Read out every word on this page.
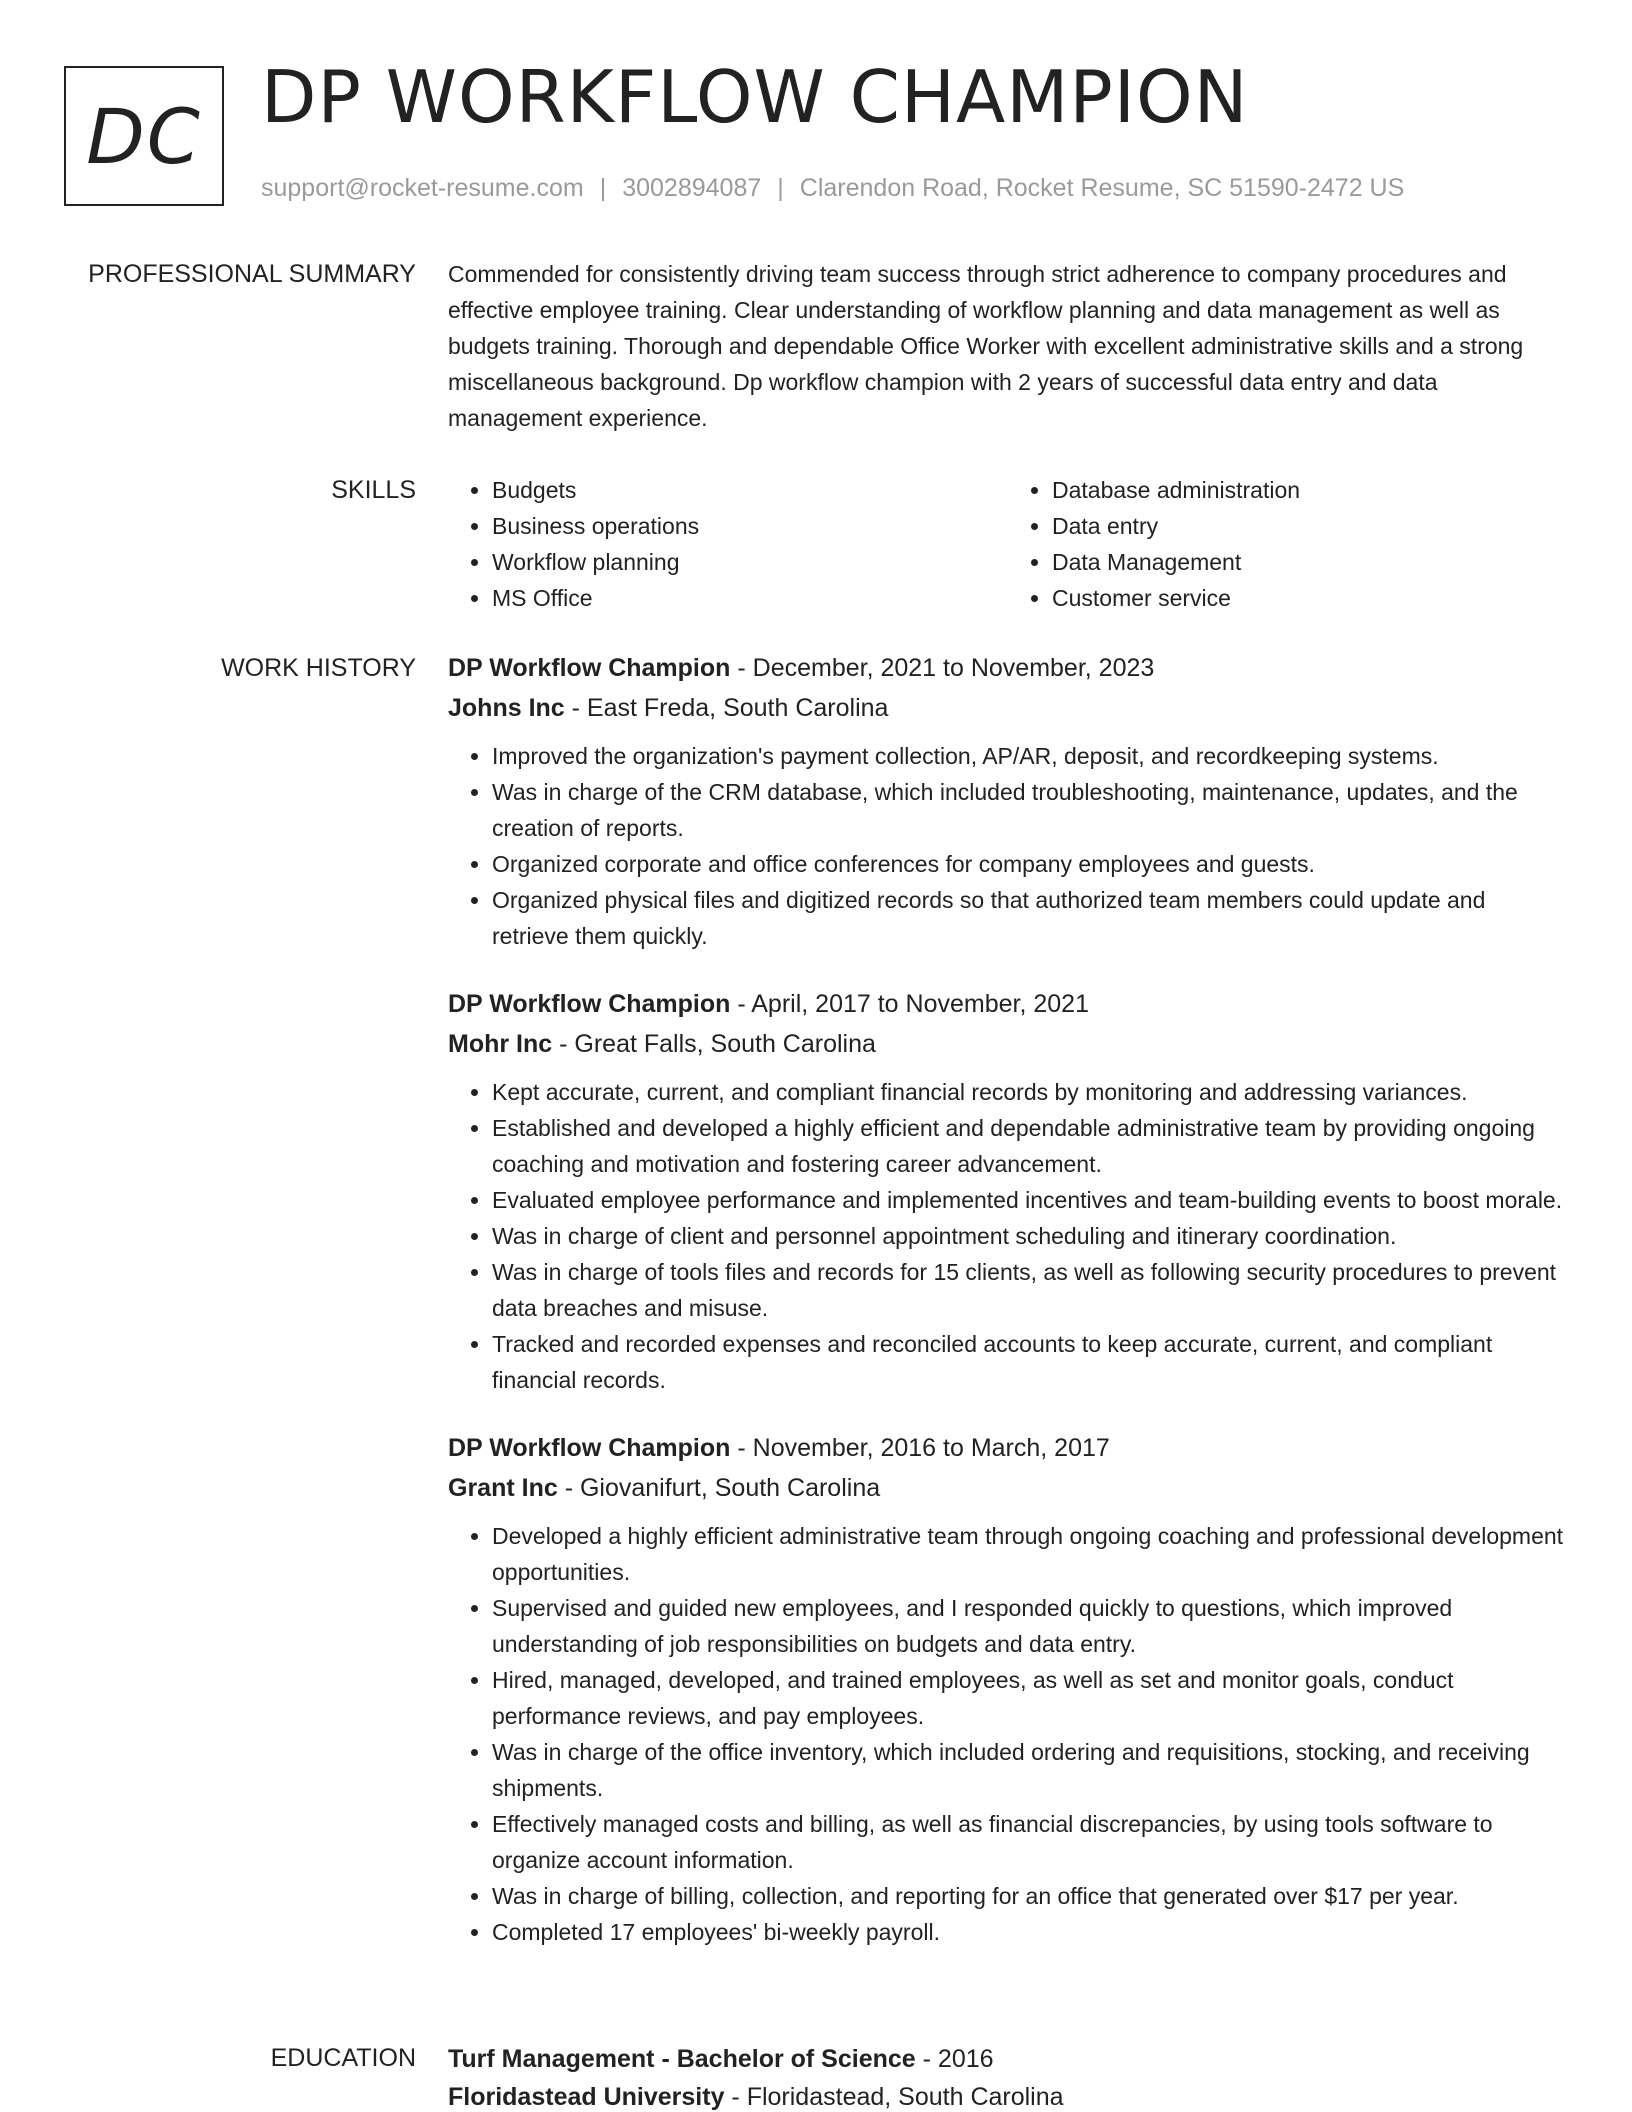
DC DP WORKFLOW CHAMPION
support@rocket-resume.com | 3002894087 | Clarendon Road, Rocket Resume, SC 51590-2472 US
PROFESSIONAL SUMMARY Commended for consistently driving team success through strict adherence to company procedures and effective employee training. Clear understanding of workflow planning and data management as well as budgets training. Thorough and dependable Office Worker with excellent administrative skills and a strong miscellaneous background. Dp workflow champion with 2 years of successful data entry and data management experience.

SKILLS
•	Budgets
• Business operations
• Workflow planning
• MS Office
• Database administration
• Data entry
• Data Management
• Customer service
WORK HISTORY DP Workflow Champion - December, 2021 to November, 2023
Johns Inc - East Freda, South Carolina
• Improved the organization's payment collection, AP/AR, deposit, and recordkeeping systems.
• Was in charge of the CRM database, which included troubleshooting, maintenance, updates, and the creation of reports.
• Organized corporate and office conferences for company employees and guests.
• Organized physical files and digitized records so that authorized team members could update and retrieve them quickly.
DP Workflow Champion - April, 2017 to November, 2021
Mohr Inc - Great Falls, South Carolina
• Kept accurate, current, and compliant financial records by monitoring and addressing variances.
• Established and developed a highly efficient and dependable administrative team by providing ongoing coaching and motivation and fostering career advancement.
• Evaluated employee performance and implemented incentives and team-building events to boost morale.
• Was in charge of client and personnel appointment scheduling and itinerary coordination.
• Was in charge of tools files and records for 15 clients, as well as following security procedures to prevent data breaches and misuse.
• Tracked and recorded expenses and reconciled accounts to keep accurate, current, and compliant financial records.
DP Workflow Champion - November, 2016 to March, 2017
Grant Inc - Giovanifurt, South Carolina
• Developed a highly efficient administrative team through ongoing coaching and professional development opportunities.
• Supervised and guided new employees, and I responded quickly to questions, which improved understanding of job responsibilities on budgets and data entry.
• Hired, managed, developed, and trained employees, as well as set and monitor goals, conduct performance reviews, and pay employees.
• Was in charge of the office inventory, which included ordering and requisitions, stocking, and receiving shipments.
• Effectively managed costs and billing, as well as financial discrepancies, by using tools software to organize account information.
• Was in charge of billing, collection, and reporting for an office that generated over $17 per year.
• Completed 17 employees' bi-weekly payroll.
EDUCATION Turf Management - Bachelor of Science - 2016
Floridastead University - Floridastead, South Carolina
